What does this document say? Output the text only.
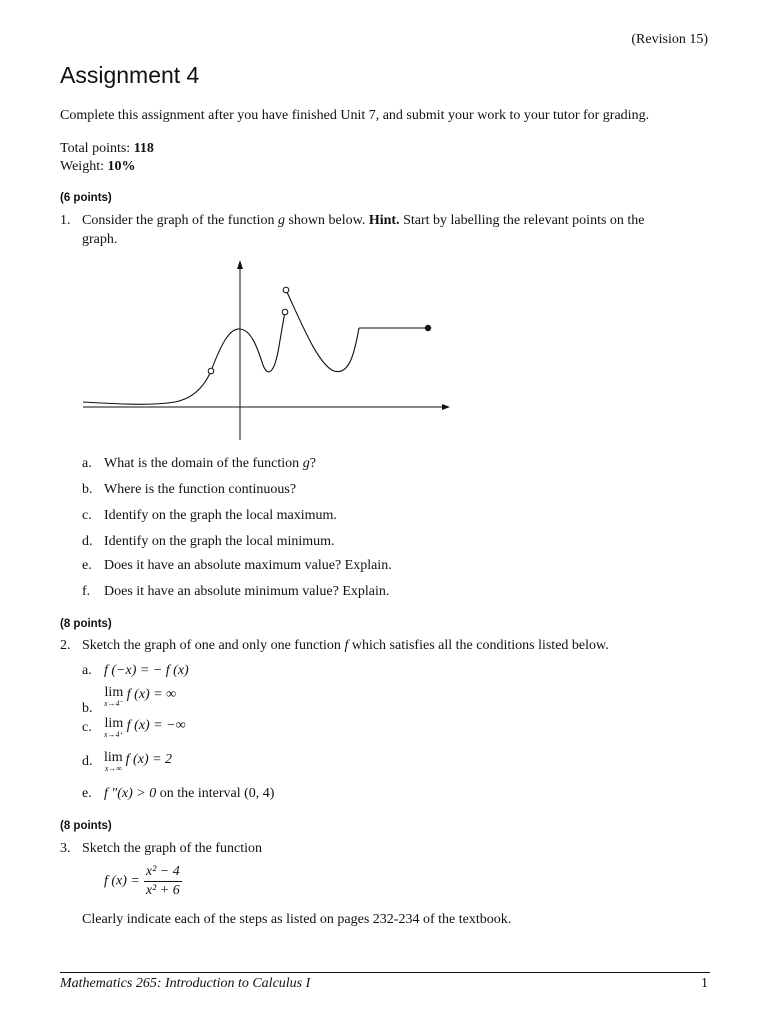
(Revision 15)
Assignment 4
Complete this assignment after you have finished Unit 7, and submit your work to your tutor for grading.
Total points: 118
Weight: 10%
(6 points)
1. Consider the graph of the function g shown below. Hint. Start by labelling the relevant points on the
graph.
a. What is the domain of the function g?
b. Where is the function continuous?
c. Identify on the graph the local maximum.
d. Identify on the graph the local minimum.
e. Does it have an absolute maximum value? Explain.
f. Does it have an absolute minimum value? Explain.
(8 points)
2. Sketch the graph of one and only one function f which satisfies all the conditions listed below.
a. f (−x) = − f (x)
b.
lim
x→4⁻
f (x) = ∞
c. lim
x→4⁺
f (x) = −∞
d. lim
x→∞
f (x) = 2
e. f ″(x) > 0 on the interval (0, 4)
(8 points)
3. Sketch the graph of the function
f $(x) = \frac{\text{x² − 4}}{\text{x² + 6}}$
Clearly indicate each of the steps as listed on pages 232-234 of the textbook.
Mathematics 265: Introduction to Calculus I	1
